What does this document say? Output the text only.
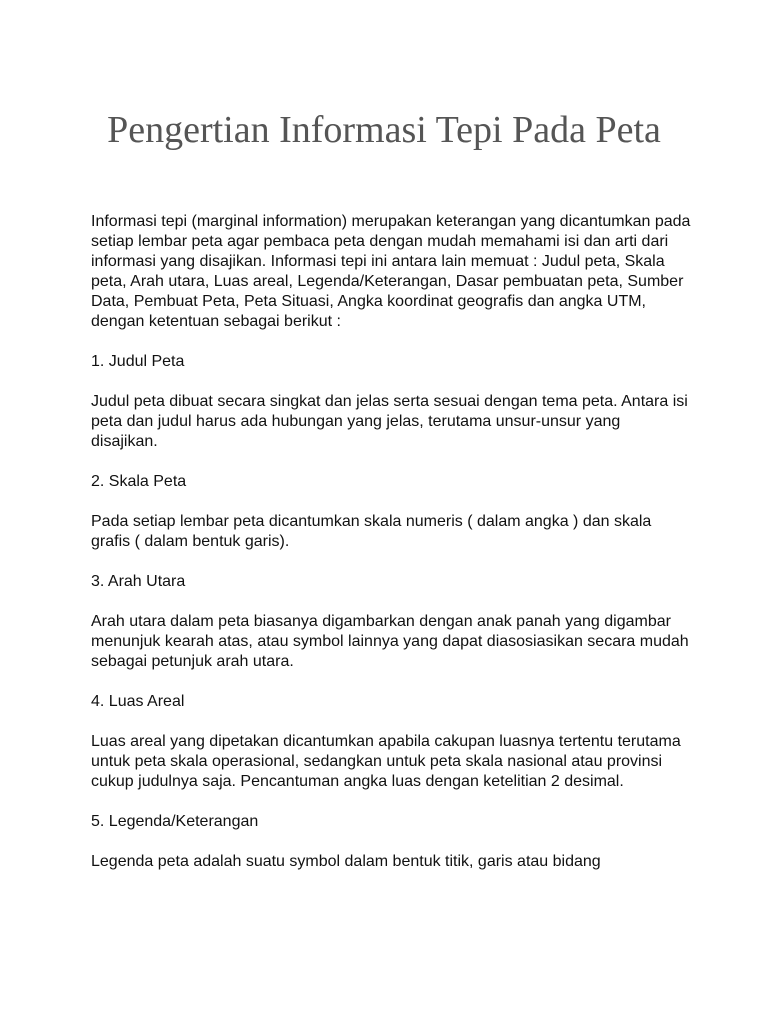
Pengertian Informasi Tepi Pada Peta

Informasi tepi (marginal information) merupakan keterangan yang dicantumkan pada setiap lembar peta agar pembaca peta dengan mudah memahami isi dan arti dari informasi yang disajikan. Informasi tepi ini antara lain memuat : Judul peta, Skala peta, Arah utara, Luas areal, Legenda/Keterangan, Dasar pembuatan peta, Sumber Data, Pembuat Peta, Peta Situasi, Angka koordinat geografis dan angka UTM, dengan ketentuan sebagai berikut :

1. Judul Peta

Judul peta dibuat secara singkat dan jelas serta sesuai dengan tema peta. Antara isi peta dan judul harus ada hubungan yang jelas, terutama unsur-unsur yang disajikan.

2. Skala Peta

Pada setiap lembar peta dicantumkan skala numeris ( dalam angka ) dan skala grafis ( dalam bentuk garis).

3. Arah Utara

Arah utara dalam peta biasanya digambarkan dengan anak panah yang digambar menunjuk kearah atas, atau symbol lainnya yang dapat diasosiasikan secara mudah sebagai petunjuk arah utara.

4. Luas Areal

Luas areal yang dipetakan dicantumkan apabila cakupan luasnya tertentu terutama untuk peta skala operasional, sedangkan untuk peta skala nasional atau provinsi cukup judulnya saja. Pencantuman angka luas dengan ketelitian 2 desimal.

5. Legenda/Keterangan

Legenda peta adalah suatu symbol dalam bentuk titik, garis atau bidang
